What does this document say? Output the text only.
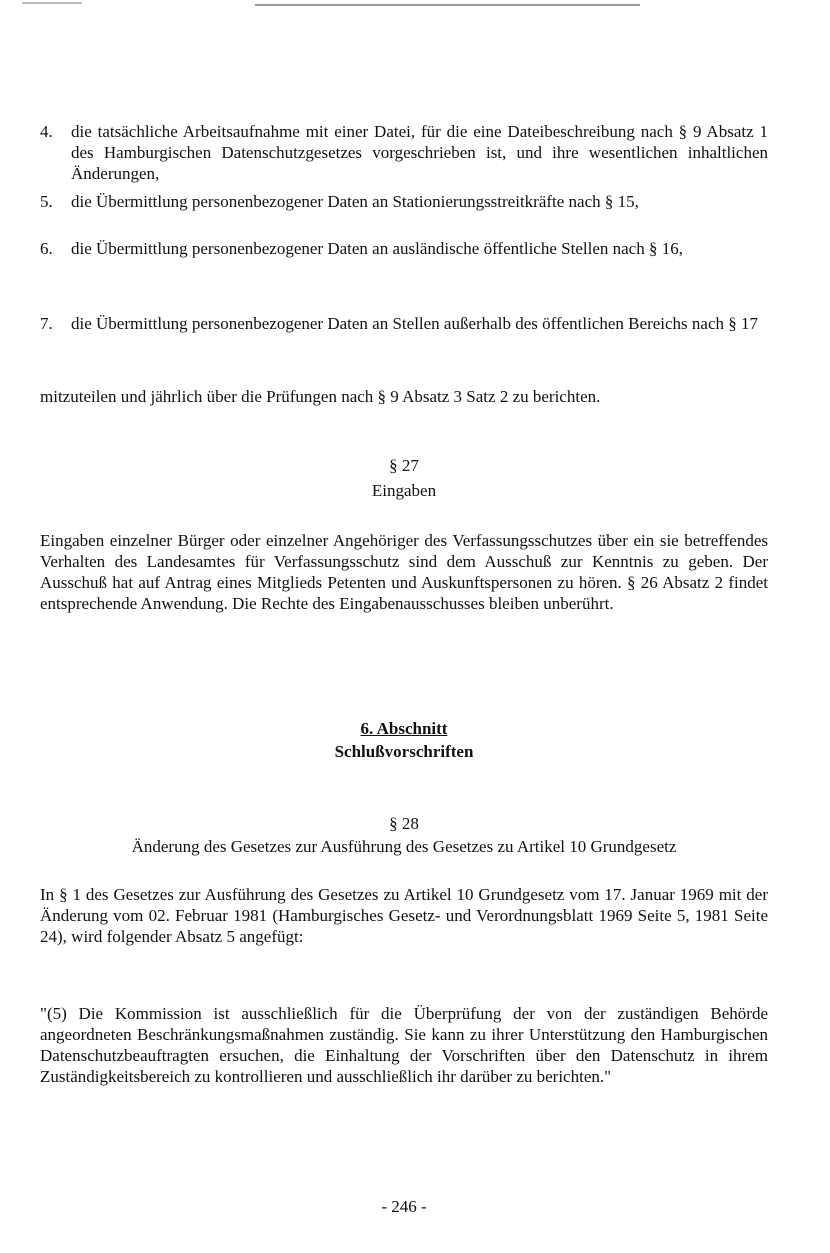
4.	die tatsächliche Arbeitsaufnahme mit einer Datei, für die eine Dateibeschreibung nach § 9 Absatz 1 des Hamburgischen Datenschutzgesetzes vorgeschrieben ist, und ihre wesentlichen inhaltlichen Änderungen,
5.	die Übermittlung personenbezogener Daten an Stationierungsstreitkräfte nach § 15,
6.	die Übermittlung personenbezogener Daten an ausländische öffentliche Stellen nach § 16,
7.	die Übermittlung personenbezogener Daten an Stellen außerhalb des öffentlichen Bereichs nach § 17
mitzuteilen und jährlich über die Prüfungen nach § 9 Absatz 3 Satz 2 zu berichten.
§ 27
Eingaben
Eingaben einzelner Bürger oder einzelner Angehöriger des Verfassungsschutzes über ein sie betreffendes Verhalten des Landesamtes für Verfassungsschutz sind dem Ausschuß zur Kenntnis zu geben. Der Ausschuß hat auf Antrag eines Mitglieds Petenten und Auskunftspersonen zu hören. § 26 Absatz 2 findet entsprechende Anwendung. Die Rechte des Eingabenausschusses bleiben unberührt.
6. Abschnitt
Schlußvorschriften
§ 28
Änderung des Gesetzes zur Ausführung des Gesetzes zu Artikel 10 Grundgesetz
In § 1 des Gesetzes zur Ausführung des Gesetzes zu Artikel 10 Grundgesetz vom 17. Januar 1969 mit der Änderung vom 02. Februar 1981 (Hamburgisches Gesetz- und Verordnungsblatt 1969 Seite 5, 1981 Seite 24), wird folgender Absatz 5 angefügt:
"(5) Die Kommission ist ausschließlich für die Überprüfung der von der zuständigen Behörde angeordneten Beschränkungsmaßnahmen zuständig. Sie kann zu ihrer Unterstützung den Hamburgischen Datenschutzbeauftragten ersuchen, die Einhaltung der Vorschriften über den Datenschutz in ihrem Zuständigkeitsbereich zu kontrollieren und ausschließlich ihr darüber zu berichten."
- 246 -
